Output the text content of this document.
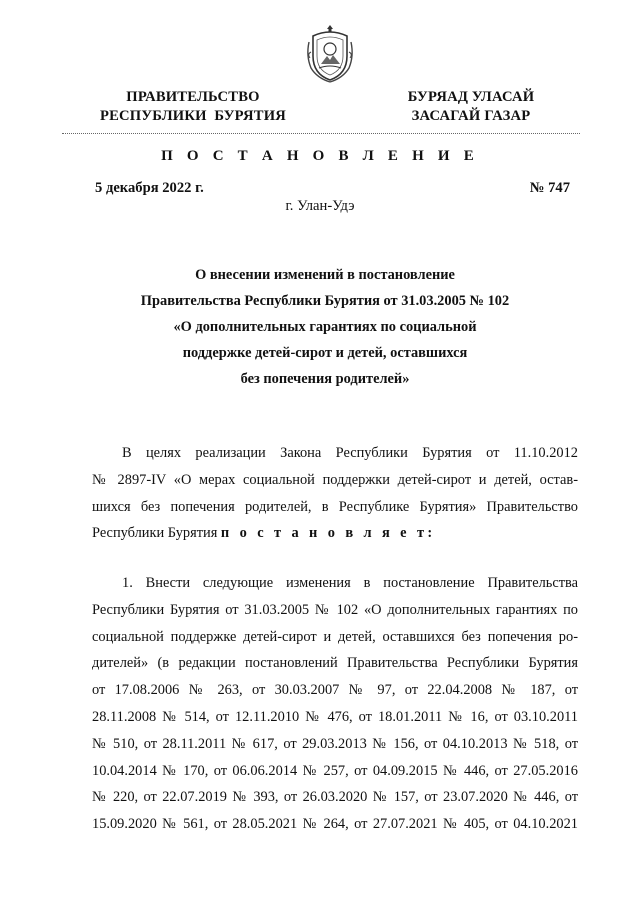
ПРАВИТЕЛЬСТВО
РЕСПУБЛИКИ  БУРЯТИЯ
БУРЯАД УЛАСАЙ
ЗАСАГАЙ ГАЗАР
П О С Т А Н О В Л Е Н И Е
5 декабря 2022 г.	№ 747
г. Улан-Удэ
О внесении изменений в постановление
Правительства Республики Бурятия от 31.03.2005 № 102
«О дополнительных гарантиях по социальной
поддержке детей-сирот и детей, оставшихся
без попечения родителей»
В целях реализации Закона Республики Бурятия от 11.10.2012
№ 2897-IV «О мерах социальной поддержки детей-сирот и детей, остав-
шихся без попечения родителей, в Республике Бурятия» Правительство
Республики Бурятия п о с т а н о в л я е т:
1. Внести следующие изменения в постановление Правительства
Республики Бурятия от 31.03.2005 № 102 «О дополнительных гарантиях по
социальной поддержке детей-сирот и детей, оставшихся без попечения ро-
дителей» (в редакции постановлений Правительства Республики Бурятия
от 17.08.2006 № 263, от 30.03.2007 № 97, от 22.04.2008 № 187, от
28.11.2008 № 514, от 12.11.2010 № 476, от 18.01.2011 № 16, от 03.10.2011
№ 510, от 28.11.2011 № 617, от 29.03.2013 № 156, от 04.10.2013 № 518, от
10.04.2014 № 170, от 06.06.2014 № 257, от 04.09.2015 № 446, от 27.05.2016
№ 220, от 22.07.2019 № 393, от 26.03.2020 № 157, от 23.07.2020 № 446, от
15.09.2020 № 561, от 28.05.2021 № 264, от 27.07.2021 № 405, от 04.10.2021
